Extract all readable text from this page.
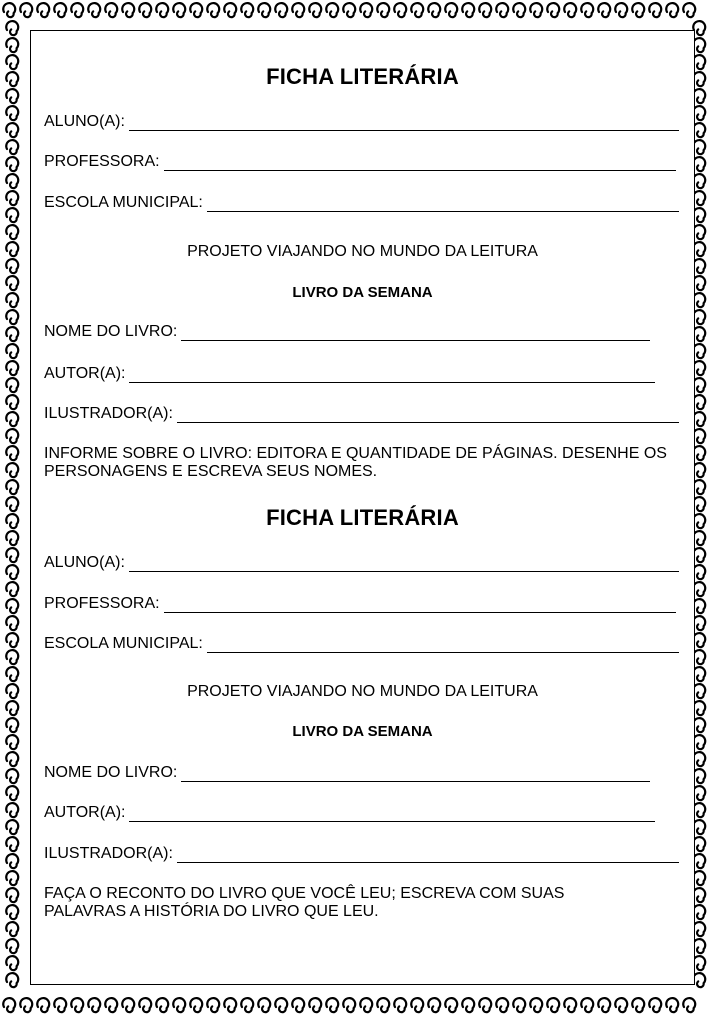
FICHA LITERÁRIA
ALUNO(A):
PROFESSORA:
ESCOLA MUNICIPAL:
PROJETO VIAJANDO NO MUNDO DA LEITURA
LIVRO DA SEMANA
NOME DO LIVRO:
AUTOR(A):
ILUSTRADOR(A):
INFORME SOBRE O LIVRO: EDITORA E QUANTIDADE DE PÁGINAS. DESENHE OS PERSONAGENS E ESCREVA SEUS NOMES.
FICHA LITERÁRIA
ALUNO(A):
PROFESSORA:
ESCOLA MUNICIPAL:
PROJETO VIAJANDO NO MUNDO DA LEITURA
LIVRO DA SEMANA
NOME DO LIVRO:
AUTOR(A):
ILUSTRADOR(A):
FAÇA O RECONTO DO LIVRO QUE VOCÊ LEU; ESCREVA COM SUAS PALAVRAS A HISTÓRIA DO LIVRO QUE LEU.
